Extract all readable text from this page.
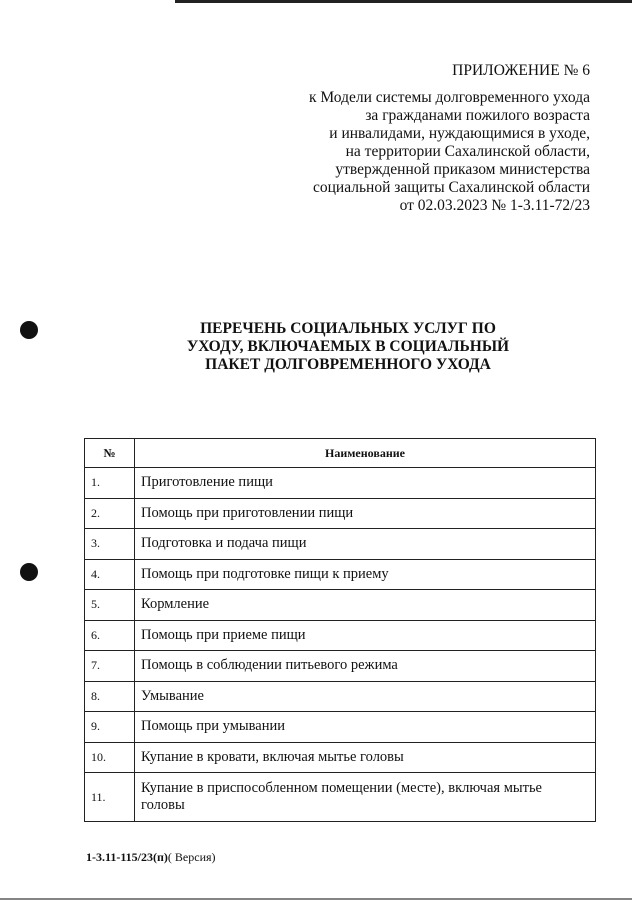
ПРИЛОЖЕНИЕ № 6
к Модели системы долговременного ухода
за гражданами пожилого возраста
и инвалидами, нуждающимися в уходе,
на территории Сахалинской области,
утвержденной приказом министерства
социальной защиты Сахалинской области
от 02.03.2023 № 1-3.11-72/23
ПЕРЕЧЕНЬ СОЦИАЛЬНЫХ УСЛУГ ПО
УХОДУ, ВКЛЮЧАЕМЫХ В СОЦИАЛЬНЫЙ
ПАКЕТ ДОЛГОВРЕМЕННОГО УХОДА
№	Наименование
1.	Приготовление пищи
2.	Помощь при приготовлении пищи
3.	Подготовка и подача пищи
4.	Помощь при подготовке пищи к приему
5.	Кормление
6.	Помощь при приеме пищи
7.	Помощь в соблюдении питьевого режима
8.	Умывание
9.	Помощь при умывании
10.	Купание в кровати, включая мытье головы
11.	Купание в приспособленном помещении (месте), включая мытье головы
1-3.11-115/23(п)( Версия)
